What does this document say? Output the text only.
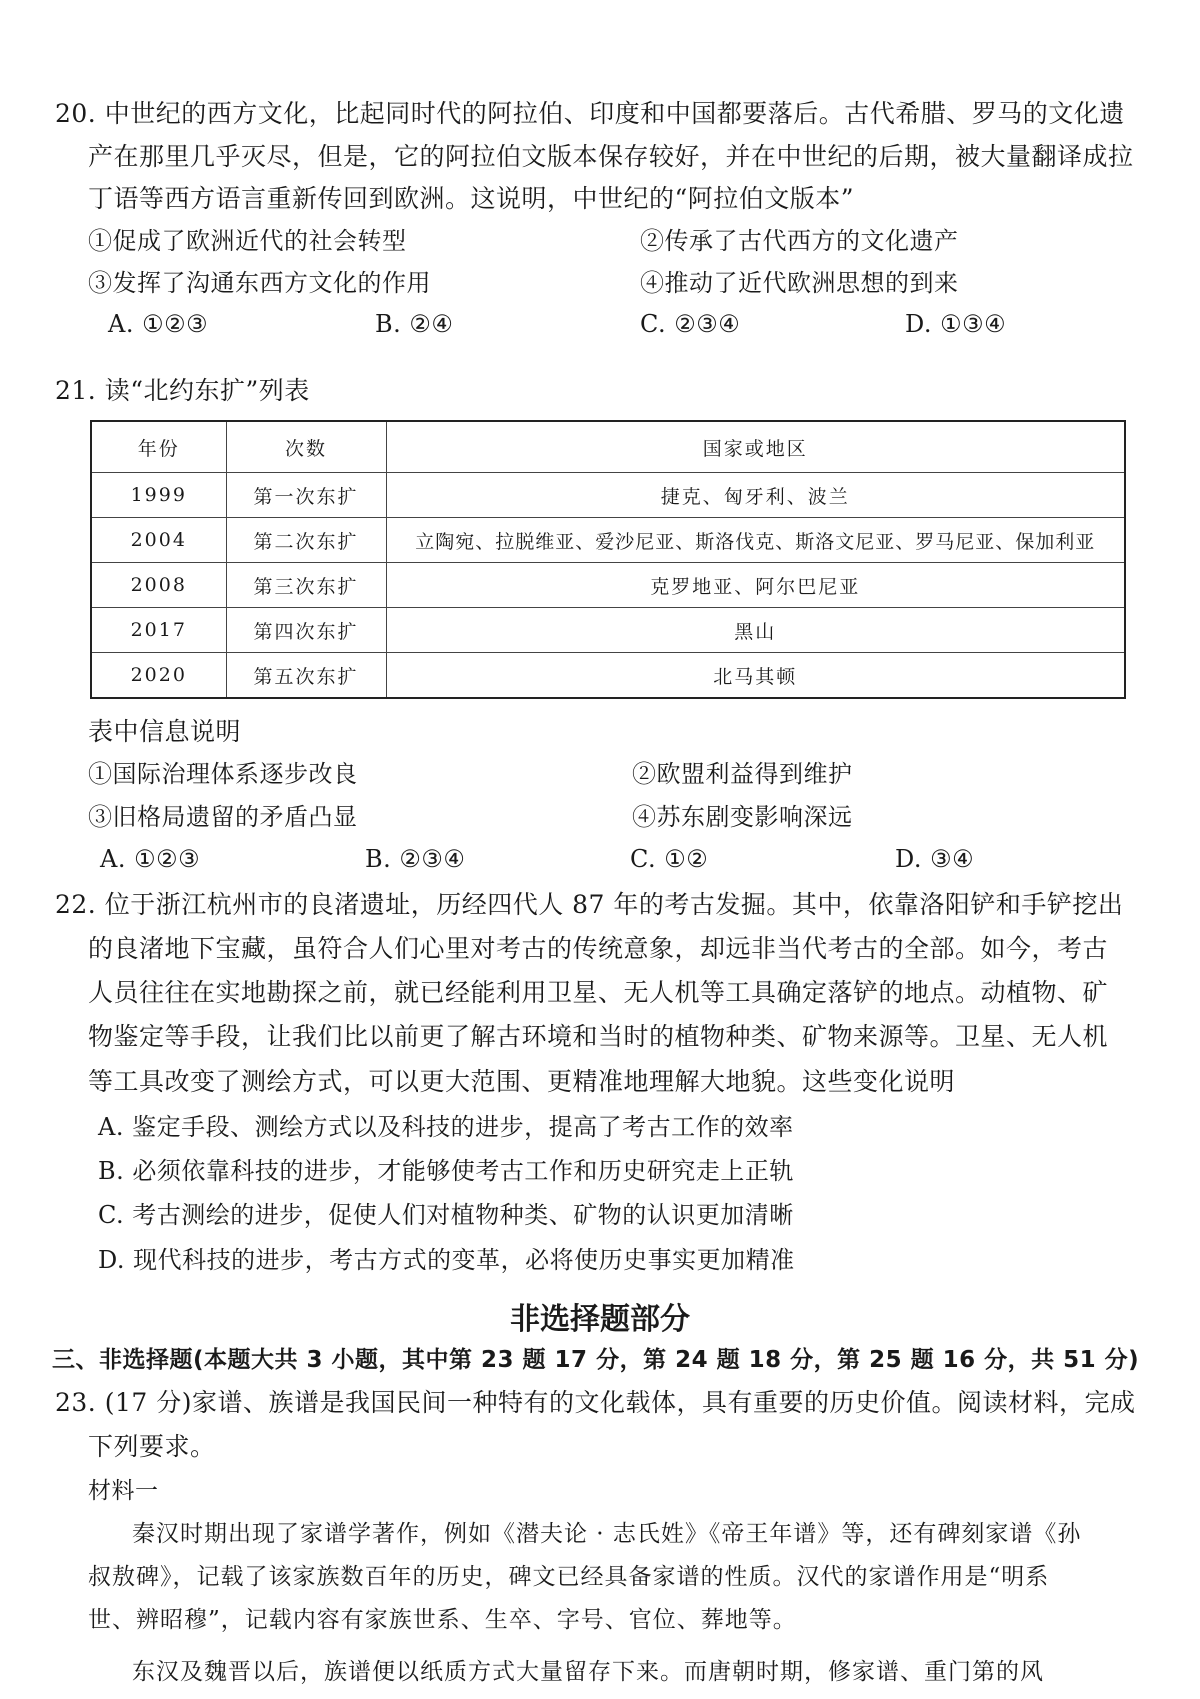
20. 中世纪的西方文化，比起同时代的阿拉伯、印度和中国都要落后。古代希腊、罗马的文化遗
产在那里几乎灭尽，但是，它的阿拉伯文版本保存较好，并在中世纪的后期，被大量翻译成拉
丁语等西方语言重新传回到欧洲。这说明，中世纪的“阿拉伯文版本”
①促成了欧洲近代的社会转型	②传承了古代西方的文化遗产
③发挥了沟通东西方文化的作用	④推动了近代欧洲思想的到来
A. ①②③	B. ②④	C. ②③④	D. ①③④
21. 读“北约东扩”列表
年份	次数	国家或地区
1999	第一次东扩	捷克、匈牙利、波兰
2004	第二次东扩	立陶宛、拉脱维亚、爱沙尼亚、斯洛伐克、斯洛文尼亚、罗马尼亚、保加利亚
2008	第三次东扩	克罗地亚、阿尔巴尼亚
2017	第四次东扩	黑山
2020	第五次东扩	北马其顿
表中信息说明
①国际治理体系逐步改良	②欧盟利益得到维护
③旧格局遗留的矛盾凸显	④苏东剧变影响深远
A. ①②③	B. ②③④	C. ①②	D. ③④
22. 位于浙江杭州市的良渚遗址，历经四代人 87 年的考古发掘。其中，依靠洛阳铲和手铲挖出
的良渚地下宝藏，虽符合人们心里对考古的传统意象，却远非当代考古的全部。如今，考古
人员往往在实地勘探之前，就已经能利用卫星、无人机等工具确定落铲的地点。动植物、矿
物鉴定等手段，让我们比以前更了解古环境和当时的植物种类、矿物来源等。卫星、无人机
等工具改变了测绘方式，可以更大范围、更精准地理解大地貌。这些变化说明
A. 鉴定手段、测绘方式以及科技的进步，提高了考古工作的效率
B. 必须依靠科技的进步，才能够使考古工作和历史研究走上正轨
C. 考古测绘的进步，促使人们对植物种类、矿物的认识更加清晰
D. 现代科技的进步，考古方式的变革，必将使历史事实更加精准
非选择题部分
三、非选择题(本题大共 3 小题，其中第 23 题 17 分，第 24 题 18 分，第 25 题 16 分，共 51 分)
23. (17 分)家谱、族谱是我国民间一种特有的文化载体，具有重要的历史价值。阅读材料，完成
下列要求。
材料一
秦汉时期出现了家谱学著作，例如《潜夫论 · 志氏姓》《帝王年谱》等，还有碑刻家谱《孙
叔敖碑》，记载了该家族数百年的历史，碑文已经具备家谱的性质。汉代的家谱作用是“明系
世、辨昭穆”，记载内容有家族世系、生卒、字号、官位、葬地等。
东汉及魏晋以后，族谱便以纸质方式大量留存下来。而唐朝时期，修家谱、重门第的风
